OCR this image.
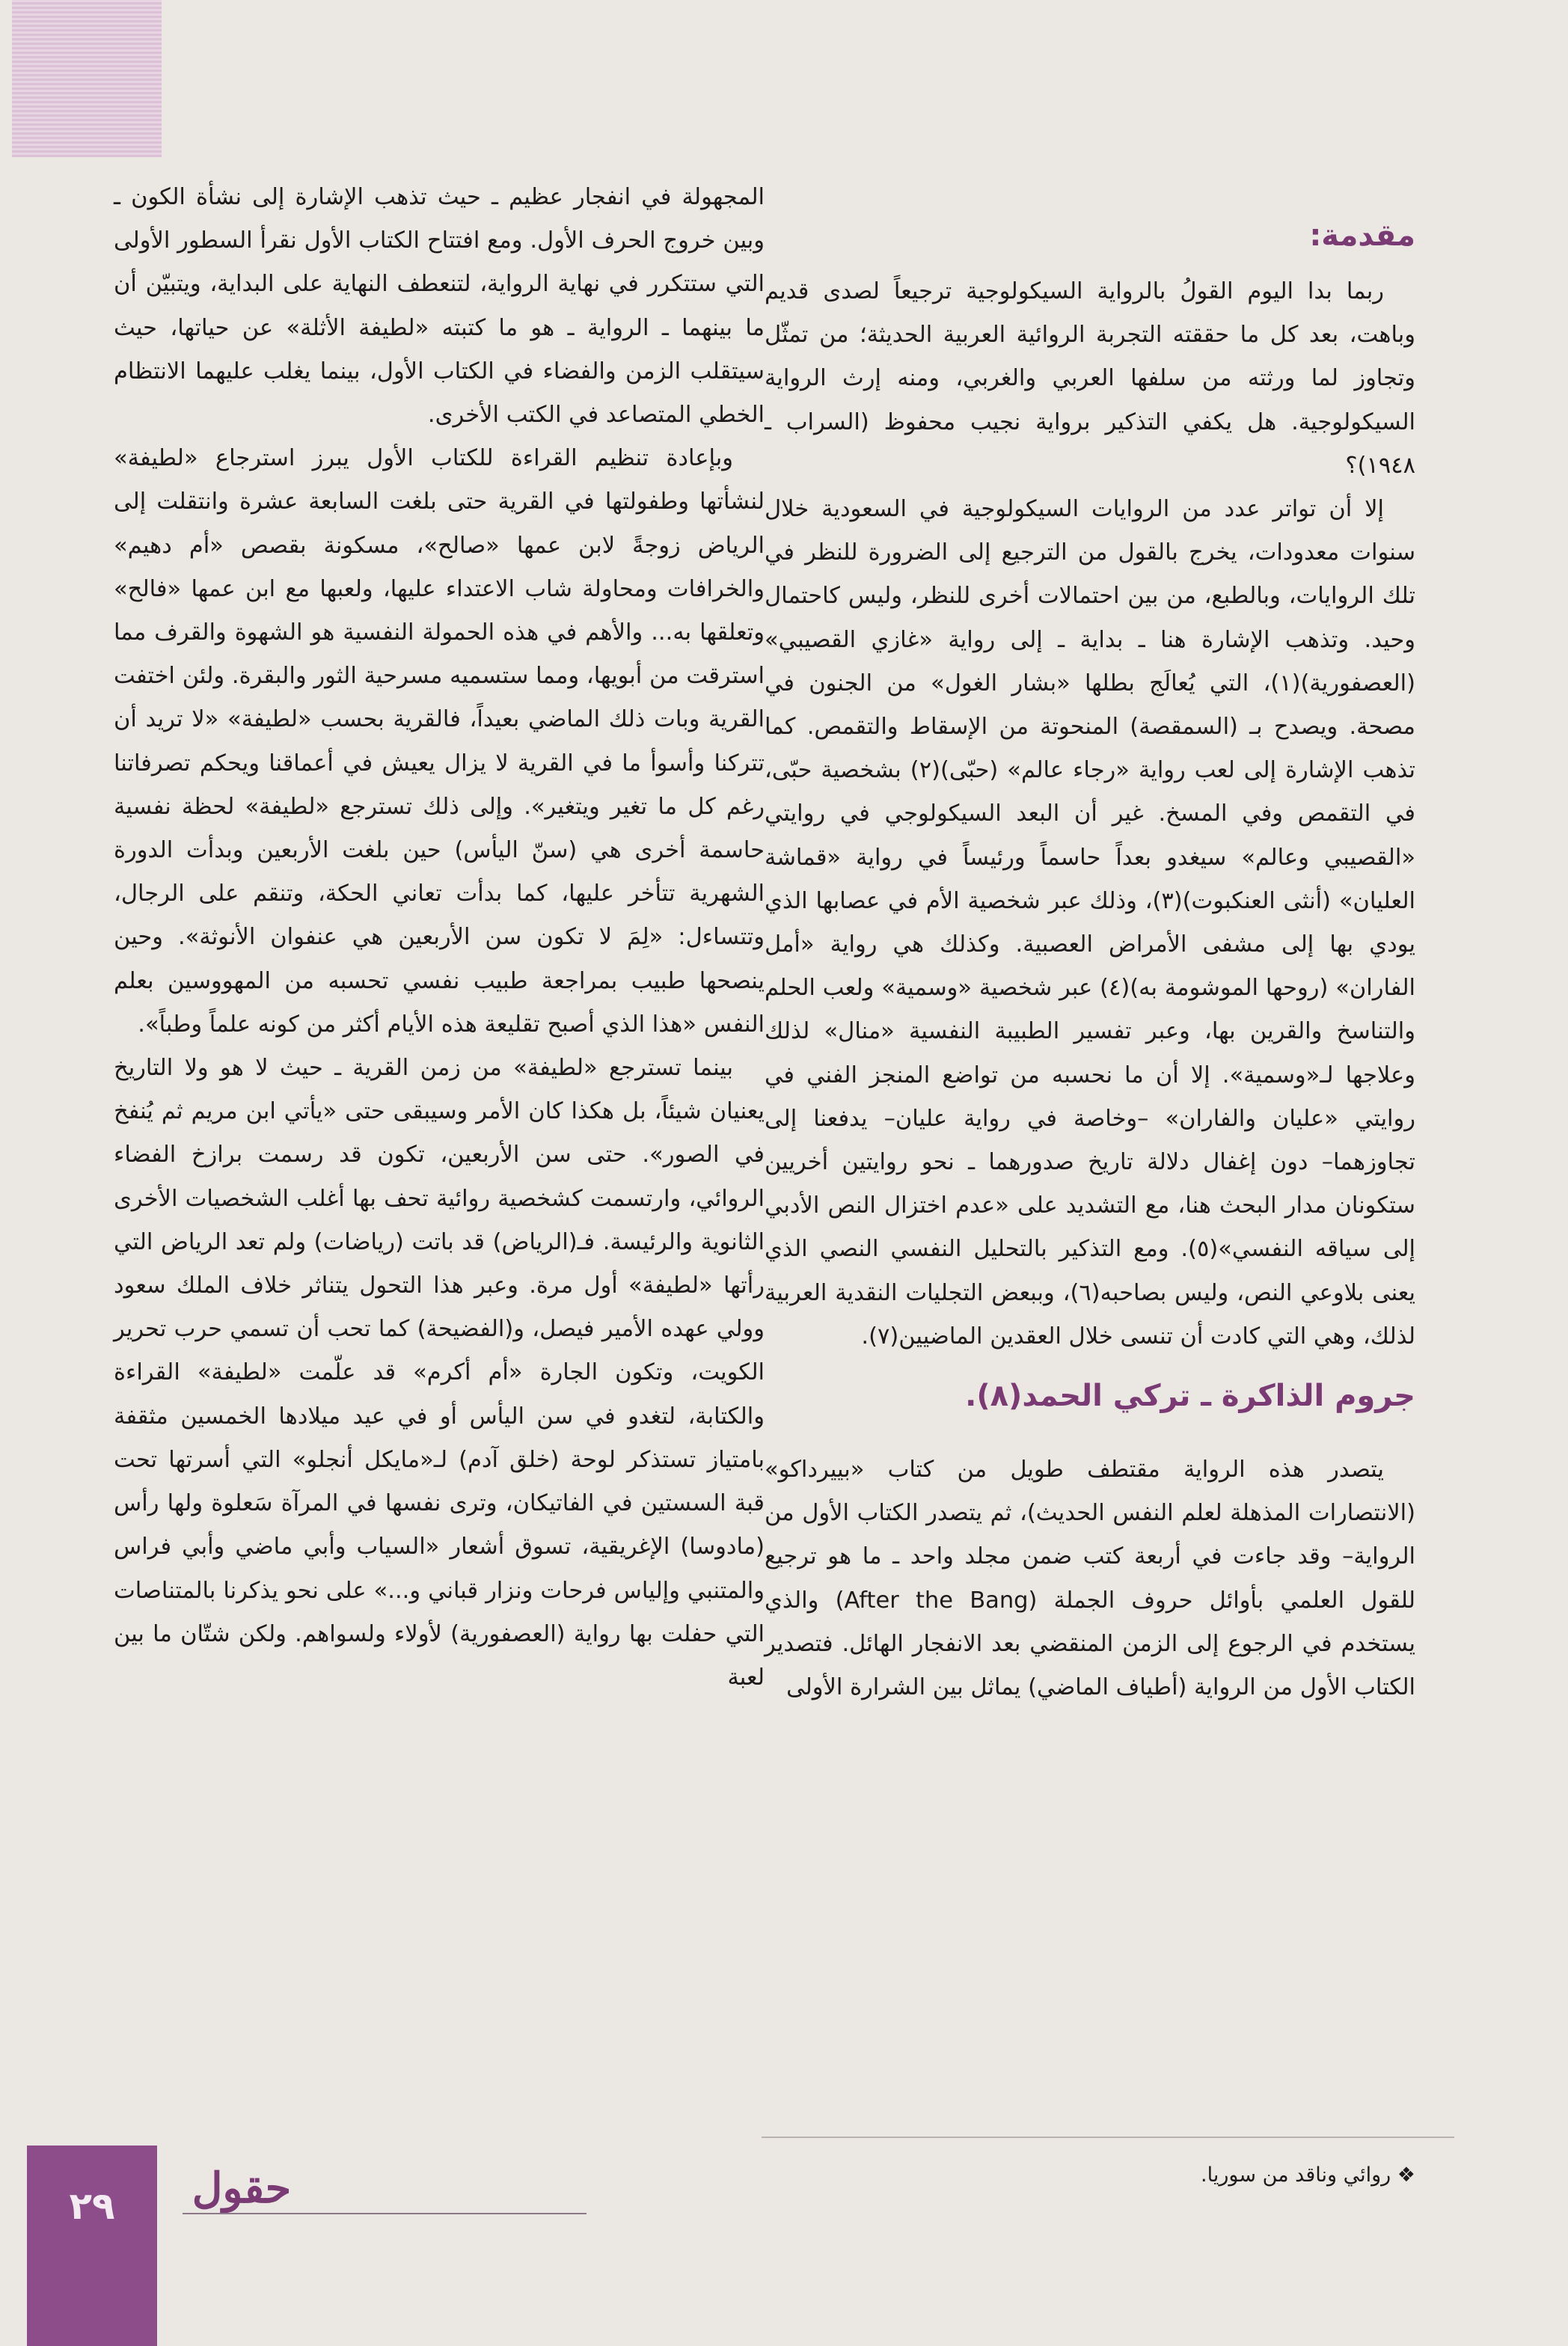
مقدمة:

ربما بدا اليوم القولُ بالرواية السيكولوجية ترجيعاً لصدى قديم وباهت، بعد كل ما حققته التجربة الروائية العربية الحديثة؛ من تمثّل وتجاوز لما ورثته من سلفها العربي والغربي، ومنه إرث الرواية السيكولوجية. هل يكفي التذكير برواية نجيب محفوظ (السراب ـ ١٩٤٨)؟

إلا أن تواتر عدد من الروايات السيكولوجية في السعودية خلال سنوات معدودات، يخرج بالقول من الترجيع إلى الضرورة للنظر في تلك الروايات، وبالطبع، من بين احتمالات أخرى للنظر، وليس كاحتمال وحيد. وتذهب الإشارة هنا ـ بداية ـ إلى رواية «غازي القصيبي» (العصفورية)(١)، التي يُعالَج بطلها «بشار الغول» من الجنون في مصحة. ويصدح بـ (السمقصة) المنحوتة من الإسقاط والتقمص. كما تذهب الإشارة إلى لعب رواية «رجاء عالم» (حبّى)(٢) بشخصية حبّى، في التقمص وفي المسخ. غير أن البعد السيكولوجي في روايتي «القصيبي وعالم» سيغدو بعداً حاسماً ورئيساً في رواية «قماشة العليان» (أنثى العنكبوت)(٣)، وذلك عبر شخصية الأم في عصابها الذي يودي بها إلى مشفى الأمراض العصبية. وكذلك هي رواية «أمل الفاران» (روحها الموشومة به)(٤) عبر شخصية «وسمية» ولعب الحلم والتناسخ والقرين بها، وعبر تفسير الطبيبة النفسية «منال» لذلك وعلاجها لـ«وسمية». إلا أن ما نحسبه من تواضع المنجز الفني في روايتي «عليان والفاران» –وخاصة في رواية عليان– يدفعنا إلى تجاوزهما– دون إغفال دلالة تاريخ صدورهما ـ نحو روايتين أخريين ستكونان مدار البحث هنا، مع التشديد على «عدم اختزال النص الأدبي إلى سياقه النفسي»(٥). ومع التذكير بالتحليل النفسي النصي الذي يعنى بلاوعي النص، وليس بصاحبه(٦)، وببعض التجليات النقدية العربية لذلك، وهي التي كادت أن تنسى خلال العقدين الماضيين(٧).

جروم الذاكرة ـ تركي الحمد(٨).

يتصدر هذه الرواية مقتطف طويل من كتاب «بييرداكو» (الانتصارات المذهلة لعلم النفس الحديث)، ثم يتصدر الكتاب الأول من الرواية– وقد جاءت في أربعة كتب ضمن مجلد واحد ـ ما هو ترجيع للقول العلمي بأوائل حروف الجملة (After the Bang) والذي يستخدم في الرجوع إلى الزمن المنقضي بعد الانفجار الهائل. فتصدير الكتاب الأول من الرواية (أطياف الماضي) يماثل بين الشرارة الأولى

المجهولة في انفجار عظيم ـ حيث تذهب الإشارة إلى نشأة الكون ـ وبين خروج الحرف الأول. ومع افتتاح الكتاب الأول نقرأ السطور الأولى التي ستتكرر في نهاية الرواية، لتنعطف النهاية على البداية، ويتبيّن أن ما بينهما ـ الرواية ـ هو ما كتبته «لطيفة الأثلة» عن حياتها، حيث سيتقلب الزمن والفضاء في الكتاب الأول، بينما يغلب عليهما الانتظام الخطي المتصاعد في الكتب الأخرى.

وبإعادة تنظيم القراءة للكتاب الأول يبرز استرجاع «لطيفة» لنشأتها وطفولتها في القرية حتى بلغت السابعة عشرة وانتقلت إلى الرياض زوجةً لابن عمها «صالح»، مسكونة بقصص «أم دهيم» والخرافات ومحاولة شاب الاعتداء عليها، ولعبها مع ابن عمها «فالح» وتعلقها به... والأهم في هذه الحمولة النفسية هو الشهوة والقرف مما استرقت من أبويها، ومما ستسميه مسرحية الثور والبقرة. ولئن اختفت القرية وبات ذلك الماضي بعيداً، فالقرية بحسب «لطيفة» «لا تريد أن تتركنا وأسوأ ما في القرية لا يزال يعيش في أعماقنا ويحكم تصرفاتنا رغم كل ما تغير ويتغير». وإلى ذلك تسترجع «لطيفة» لحظة نفسية حاسمة أخرى هي (سنّ اليأس) حين بلغت الأربعين وبدأت الدورة الشهرية تتأخر عليها، كما بدأت تعاني الحكة، وتنقم على الرجال، وتتساءل: «لِمَ لا تكون سن الأربعين هي عنفوان الأنوثة». وحين ينصحها طبيب بمراجعة طبيب نفسي تحسبه من المهووسين بعلم النفس «هذا الذي أصبح تقليعة هذه الأيام أكثر من كونه علماً وطباً».

بينما تسترجع «لطيفة» من زمن القرية ـ حيث لا هو ولا التاريخ يعنيان شيئاً، بل هكذا كان الأمر وسيبقى حتى «يأتي ابن مريم ثم يُنفخ في الصور». حتى سن الأربعين، تكون قد رسمت برازخ الفضاء الروائي، وارتسمت كشخصية روائية تحف بها أغلب الشخصيات الأخرى الثانوية والرئيسة. فـ(الرياض) قد باتت (رياضات) ولم تعد الرياض التي رأتها «لطيفة» أول مرة. وعبر هذا التحول يتناثر خلاف الملك سعود وولي عهده الأمير فيصل، و(الفضيحة) كما تحب أن تسمي حرب تحرير الكويت، وتكون الجارة «أم أكرم» قد علّمت «لطيفة» القراءة والكتابة، لتغدو في سن اليأس أو في عيد ميلادها الخمسين مثقفة بامتياز تستذكر لوحة (خلق آدم) لـ«مايكل أنجلو» التي أسرتها تحت قبة السستين في الفاتيكان، وترى نفسها في المرآة سَعلوة ولها رأس (مادوسا) الإغريقية، تسوق أشعار «السياب وأبي ماضي وأبي فراس والمتنبي وإلياس فرحات ونزار قباني و...» على نحو يذكرنا بالمتناصات التي حفلت بها رواية (العصفورية) لأولاء ولسواهم. ولكن شتّان ما بين لعبة

❖ روائي وناقد من سوريا.
٢٩	حقول
